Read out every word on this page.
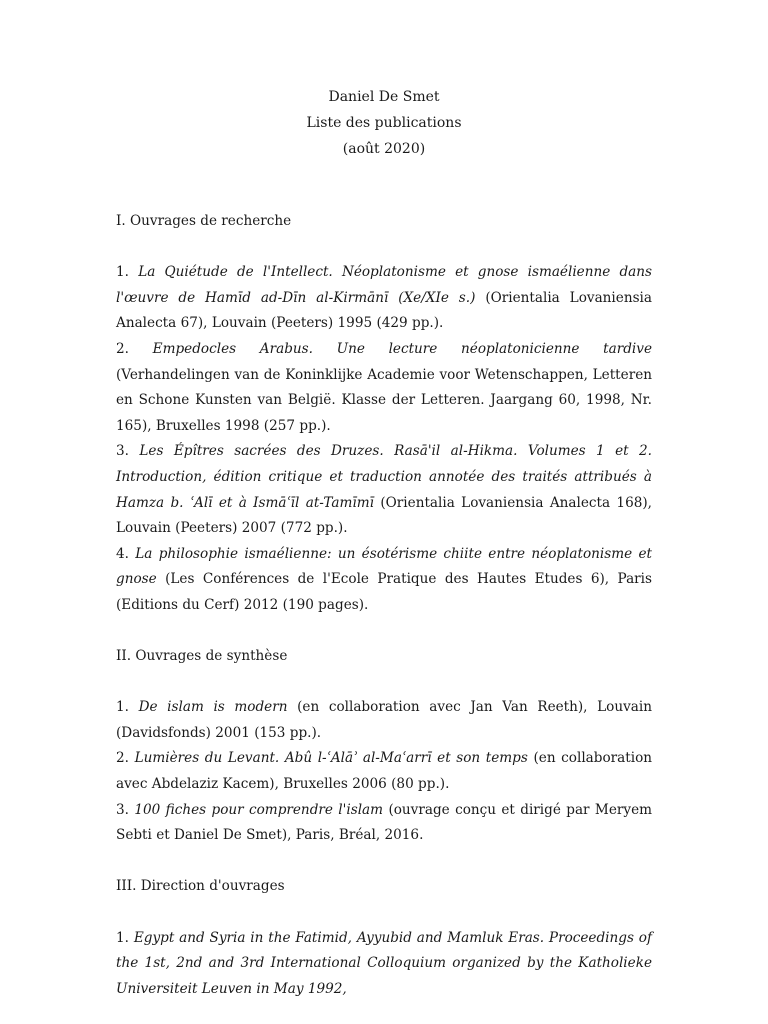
Daniel De Smet
Liste des publications
(août 2020)
I. Ouvrages de recherche

1. La Quiétude de l'Intellect. Néoplatonisme et gnose ismaélienne dans l'œuvre de Hamīd ad-Dīn al-Kirmānī (Xe/XIe s.) (Orientalia Lovaniensia Analecta 67), Louvain (Peeters) 1995 (429 pp.).

2. Empedocles Arabus. Une lecture néoplatonicienne tardive (Verhandelingen van de Koninklijke Academie voor Wetenschappen, Letteren en Schone Kunsten van België. Klasse der Letteren. Jaargang 60, 1998, Nr. 165), Bruxelles 1998 (257 pp.).

3. Les Épîtres sacrées des Druzes. Rasā'il al-Hikma. Volumes 1 et 2. Introduction, édition critique et traduction annotée des traités attribués à Hamza b. ʿAlī et à Ismāʿīl at-Tamīmī (Orientalia Lovaniensia Analecta 168), Louvain (Peeters) 2007 (772 pp.).

4. La philosophie ismaélienne: un ésotérisme chiite entre néoplatonisme et gnose (Les Conférences de l'Ecole Pratique des Hautes Etudes 6), Paris (Editions du Cerf) 2012 (190 pages).

II. Ouvrages de synthèse

1. De islam is modern (en collaboration avec Jan Van Reeth), Louvain (Davidsfonds) 2001 (153 pp.).

2. Lumières du Levant. Abû l-ʿAlāʾ al-Maʿarrī et son temps (en collaboration avec Abdelaziz Kacem), Bruxelles 2006 (80 pp.).

3. 100 fiches pour comprendre l'islam (ouvrage conçu et dirigé par Meryem Sebti et Daniel De Smet), Paris, Bréal, 2016.

III. Direction d'ouvrages

1. Egypt and Syria in the Fatimid, Ayyubid and Mamluk Eras. Proceedings of the 1st, 2nd and 3rd International Colloquium organized by the Katholieke Universiteit Leuven in May 1992,
